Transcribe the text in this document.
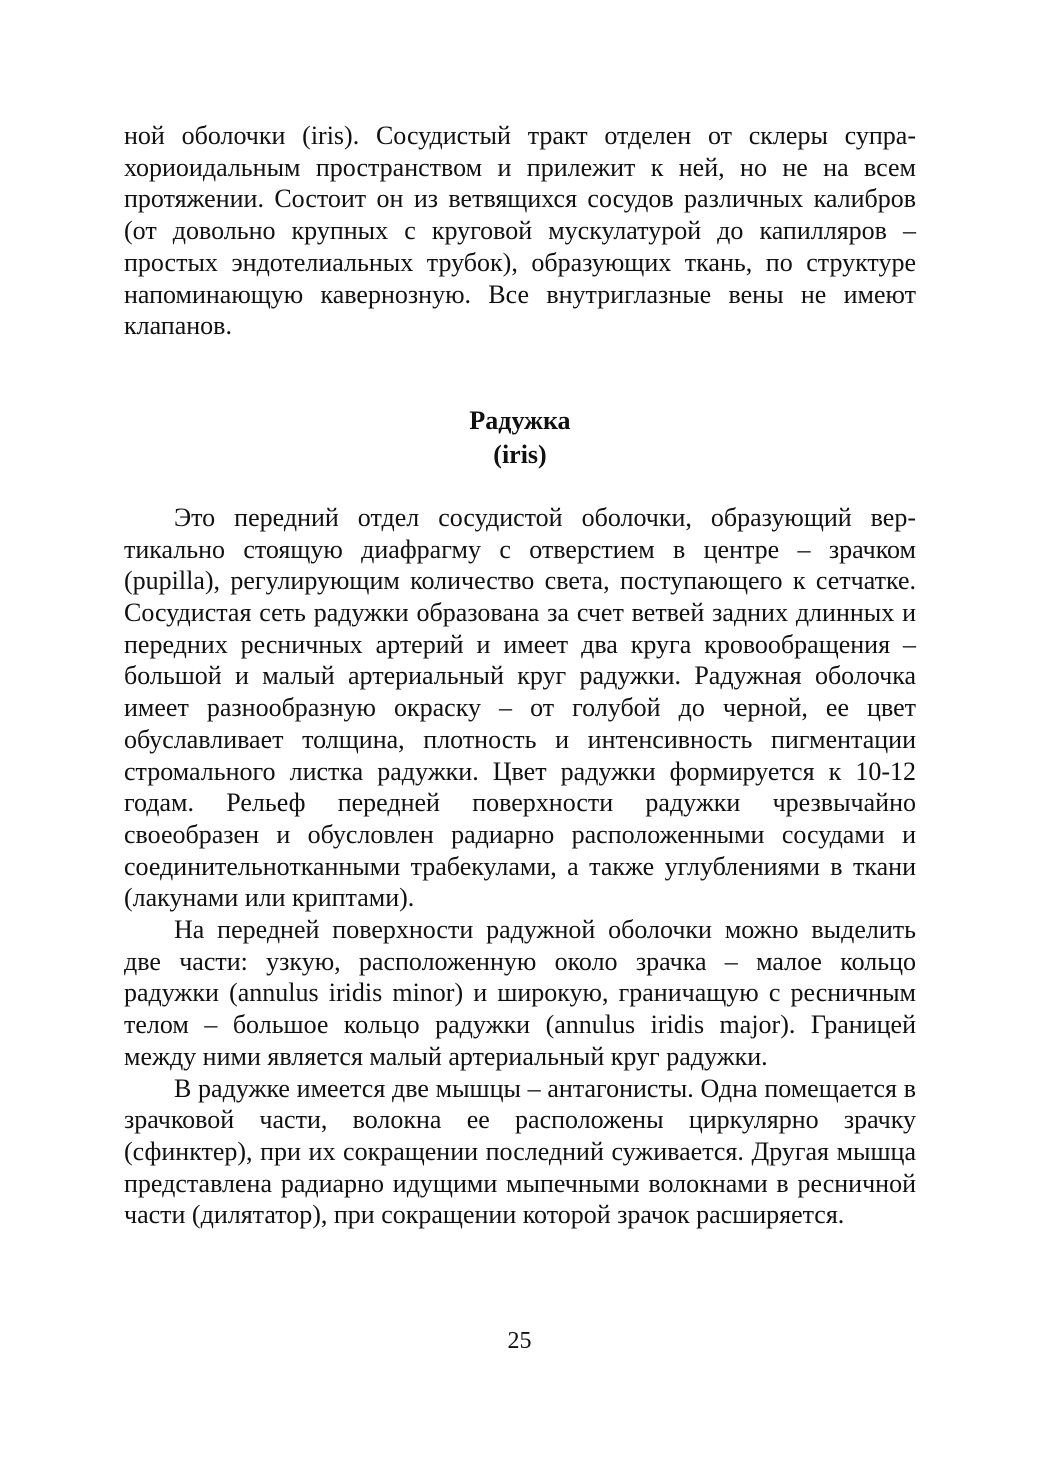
ной оболочки (iris). Сосудистый тракт отделен от склеры супрахориоидальным пространством и прилежит к ней, но не на всем протяжении. Состоит он из ветвящихся сосудов различных калибров (от довольно крупных с круговой мускулатурой до капилляров – простых эндотелиальных трубок), образующих ткань, по структуре напоминающую кавернозную. Все внутриглазные вены не имеют клапанов.

Радужка

(iris)

Это передний отдел сосудистой оболочки, образующий вертикально стоящую диафрагму с отверстием в центре – зрачком (pupilla), регулирующим количество света, поступающего к сетчатке. Сосудистая сеть радужки образована за счет ветвей задних длинных и передних ресничных артерий и имеет два круга кровообращения – большой и малый артериальный круг радужки. Радужная оболочка имеет разнообразную окраску – от голубой до черной, ее цвет обуславливает толщина, плотность и интенсивность пигментации стромального листка радужки. Цвет радужки формируется к 10-12 годам. Рельеф передней поверхности радужки чрезвычайно своеобразен и обусловлен радиарно расположенными сосудами и соединительнотканными трабекулами, а также углублениями в ткани (лакунами или криптами).

На передней поверхности радужной оболочки можно выделить две части: узкую, расположенную около зрачка – малое кольцо радужки (annulus iridis minor) и широкую, граничащую с ресничным телом – большое кольцо радужки (annulus iridis major). Границей между ними является малый артериальный круг радужки.

В радужке имеется две мышцы – антагонисты. Одна помещается в зрачковой части, волокна ее расположены циркулярно зрачку (сфинктер), при их сокращении последний суживается. Другая мышца представлена радиарно идущими мыпечными волокнами в ресничной части (дилятатор), при сокращении которой зрачок расширяется.

25
